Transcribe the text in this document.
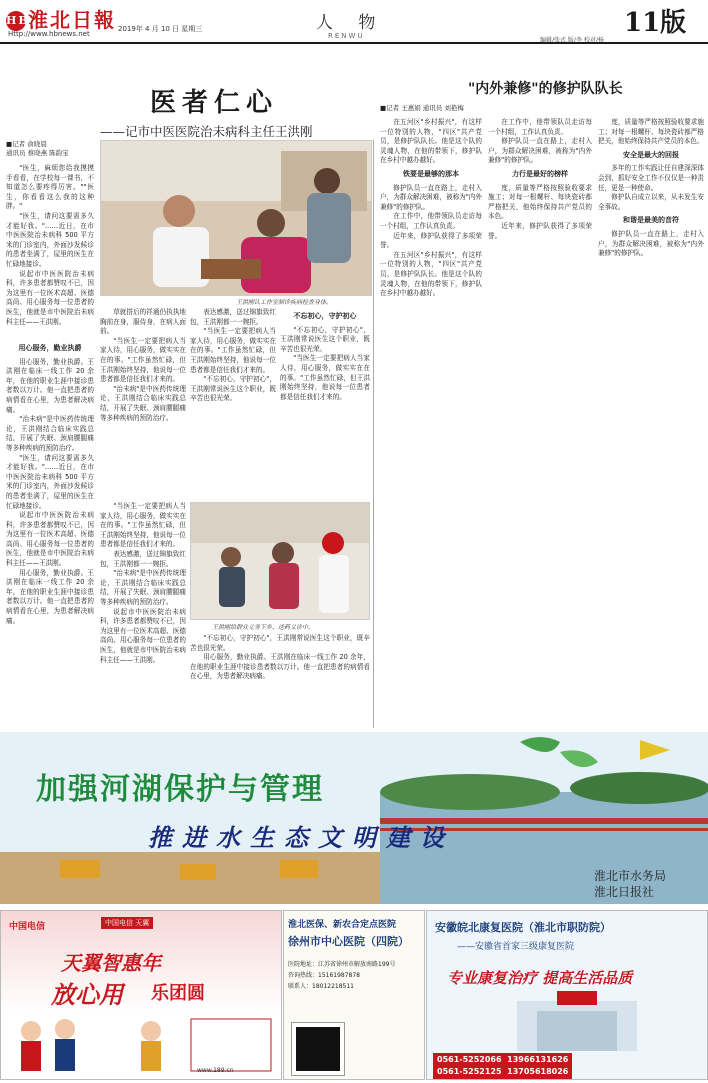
HB淮北日報 2019年 4 月 10 日 星期三
Http://www.hbnews.net
人 物
RENWU	11版
编辑/张式 版/李 校对/杨
医者仁心
——记市中医医院治未病科主任王洪刚
■记者 俞晓晨
通讯员 蔡晓燕 陈韵宝
王洪刚认工作室制诊疾病检查身体。

"医生，麻烦您给我摸摸手看看，在学校每一课书，不知道怎么要疼得厉害。""医生，你看看这么我的这种胖。"

"医生，请问这要需多久才能好我。"……近日，在市中医医院治未病科 500 平方米的门诊室内，外面沙发候诊的患者坐满了，屋里的医生在忙碌地接诊。

说起市中医医院治未病科，许多患者都赞叹不已，因为这里有一位医术高超、医德高尚、用心服务每一位患者的医生，他就是市中医院治未病科主任——王洪刚。

用心服务，勤业执爵

用心服务，勤业执爵。王洪刚在临床一线工作 20 余年，在他的职业生涯中接诊患者数以万计。他一直把患者的病情看在心里，为患者解决病痛。

"治未病"是中医药传统理论，王洪刚结合临床实践总结，开展了失眠、颈肩腰腿痛等多种疾病的预防治疗。

"医生，请问这要需多久才能好我。"……近日，在市中医医院治未病科 500 平方米的门诊室内，外面沙发候诊的患者坐满了，屋里的医生在忙碌地接诊。

说起市中医医院治未病科，许多患者都赞叹不已，因为这里有一位医术高超、医德高尚、用心服务每一位患者的医生，他就是市中医院治未病科主任——王洪刚。

用心服务，勤业执爵。王洪刚在临床一线工作 20 余年，在他的职业生涯中接诊患者数以万计。他一直把患者的病情看在心里，为患者解决病痛。

草就搭后的祥通仍执执地胸前在身，服侍身，在病人面前。

"当医生一定要把病人当家人待，用心服务，做实实在在的事。"工作虽然忙碌，但王洪刚始终坚持，他说每一位患者都是信任我们才来的。

"治未病"是中医药传统理论，王洪刚结合临床实践总结，开展了失眠、颈肩腰腿痛等多种疾病的预防治疗。

表达感激，送过锦旗致红包，王洪刚都一一婉拒。

"当医生一定要把病人当家人待，用心服务，做实实在在的事。"工作虽然忙碌，但王洪刚始终坚持，他说每一位患者都是信任我们才来的。

"不忘初心，守护初心"，王洪刚常说医生这个职业，既辛苦也很光荣。

不忘初心，守护初心

"不忘初心，守护初心"，王洪刚常说医生这个职业，既辛苦也很光荣。

"当医生一定要把病人当家人待，用心服务，做实实在在的事。"工作虽然忙碌，但王洪刚始终坚持，他说每一位患者都是信任我们才来的。

王洪刚给群众义务下乡、送药义诊中。

"当医生一定要把病人当家人待，用心服务，做实实在在的事。"工作虽然忙碌，但王洪刚始终坚持，他说每一位患者都是信任我们才来的。

表达感激，送过锦旗致红包，王洪刚都一一婉拒。

"治未病"是中医药传统理论，王洪刚结合临床实践总结，开展了失眠、颈肩腰腿痛等多种疾病的预防治疗。

说起市中医医院治未病科，许多患者都赞叹不已，因为这里有一位医术高超、医德高尚、用心服务每一位患者的医生，他就是市中医院治未病科主任——王洪刚。

"不忘初心，守护初心"，王洪刚常说医生这个职业，既辛苦也很光荣。

用心服务，勤业执爵。王洪刚在临床一线工作 20 余年，在他的职业生涯中接诊患者数以万计。他一直把患者的病情看在心里，为患者解决病痛。

"内外兼修"的修护队队长
■记者 王惠娟 通讯员 刘艳梅

在五河区"乡村振兴"，有这样一位特别的人物，"四区"共产党员，是修护队队长。他是这个队的灵魂人物，在他的带领下，修护队在乡村中越办越好。

铁要是最够的那本

修护队员一直在路上，走村入户，为群众解决困难，被称为"内外兼修"的修护队。

在工作中，他带领队员走访每一个村组，工作认真负责。

近年来，修护队获得了多项荣誉。

在五河区"乡村振兴"，有这样一位特别的人物，"四区"共产党员，是修护队队长。他是这个队的灵魂人物，在他的带领下，修护队在乡村中越办越好。

在工作中，他带领队员走访每一个村组，工作认真负责。

修护队员一直在路上，走村入户，为群众解决困难，被称为"内外兼修"的修护队。

力行是最好的榜样

度，质量等严格按照验收要求施工；对每一根螺杆、每块瓷砖都严格把关，他始终保持共产党员的本色。

近年来，修护队获得了多项荣誉。

度，质量等严格按照验收要求施工；对每一根螺杆、每块瓷砖都严格把关，他始终保持共产党员的本色。

安全是最大的回报

多年的工作实践让任自建深深体会到，抓好安全工作不仅仅是一种责任，更是一种使命。

修护队自成立以来，从未发生安全事故。

和谐是最美的音符

修护队员一直在路上，走村入户，为群众解决困难，被称为"内外兼修"的修护队。

加强河湖保护与管理
推进水生态文明建设
淮北市水务局
淮北日报社
中国电信	中国电信 天翼
天翼智惠年
放心用 乐团圆
www.189.cn
淮北医保、新农合定点医院
徐州市中心医院（四院）
医院地址：江苏省徐州市解放南路199号
咨询热线：15161987878
联系人：18012218511
安徽皖北康复医院（淮北市职防院）
——安徽省首家三级康复医院
专业康复治疗 提高生活品质
0561-5252066 13966131626
0561-5252125 13705618026
